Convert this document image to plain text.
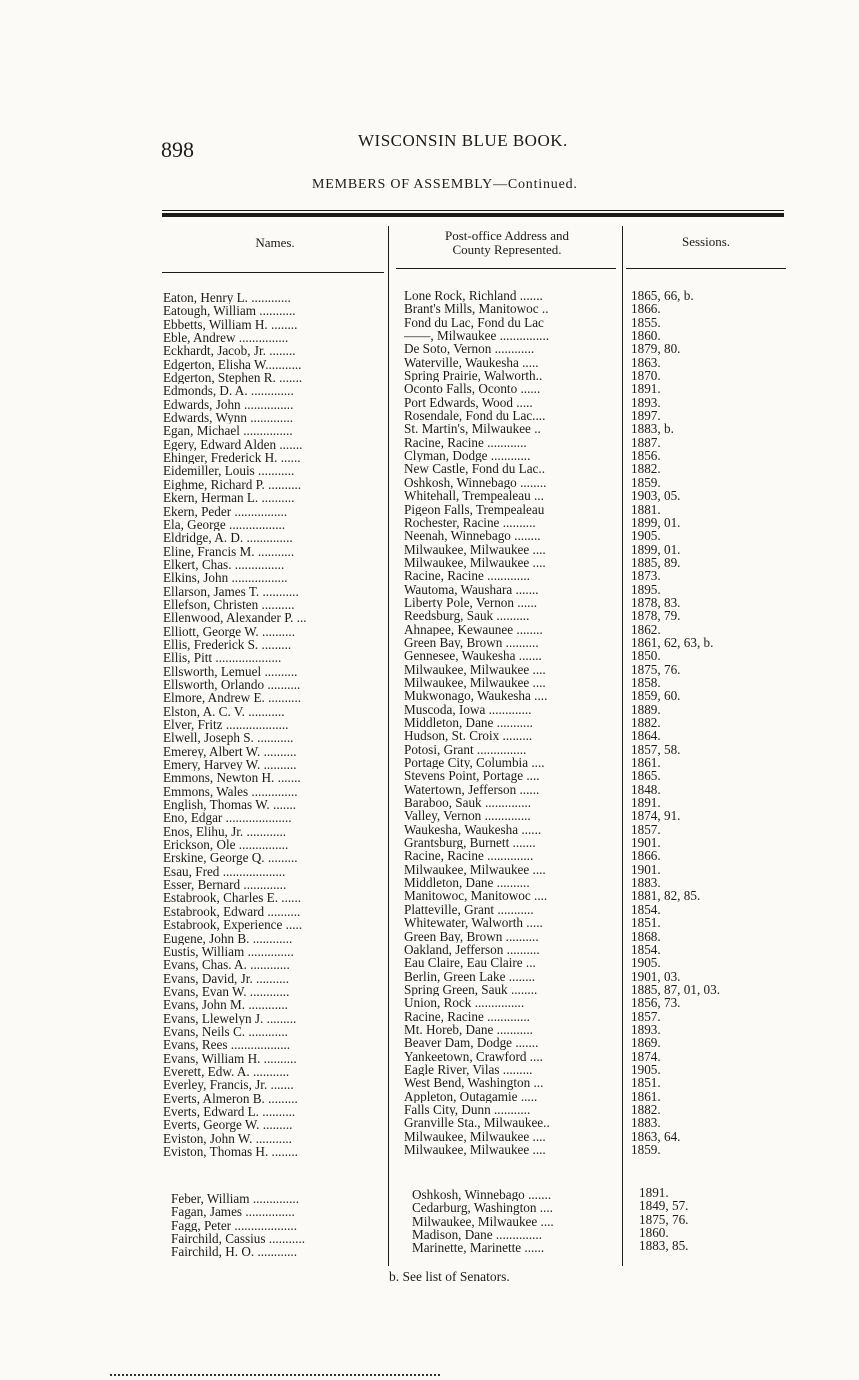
898	WISCONSIN BLUE BOOK.
MEMBERS OF ASSEMBLY—Continued.
Names.	Post-office Address and
County Represented.
Sessions.
Eaton, Henry L. ............
Eatough, William ...........
Ebbetts, William H. ........
Eble, Andrew ...............
Eckhardt, Jacob, Jr. ........
Edgerton, Elisha W...........
Edgerton, Stephen R. .......
Edmonds, D. A. .............
Edwards, John ...............
Edwards, Wynn .............
Egan, Michael ...............
Egery, Edward Alden .......
Ehinger, Frederick H. ......
Eidemiller, Louis ...........
Eighme, Richard P. ..........
Ekern, Herman L. ..........
Ekern, Peder ................
Ela, George .................
Eldridge, A. D. ..............
Eline, Francis M. ...........
Elkert, Chas. ...............
Elkins, John .................
Ellarson, James T. ...........
Ellefson, Christen ..........
Ellenwood, Alexander P. ...
Elliott, George W. ..........
Ellis, Frederick S. .........
Ellis, Pitt ....................
Ellsworth, Lemuel ..........
Ellsworth, Orlando ..........
Elmore, Andrew E. ..........
Elston, A. C. V. ...........
Elver, Fritz ...................
Elwell, Joseph S. ...........
Emerey, Albert W. ..........
Emery, Harvey W. ..........
Emmons, Newton H. .......
Emmons, Wales ..............
English, Thomas W. .......
Eno, Edgar ....................
Enos, Elihu, Jr. ............
Erickson, Ole ...............
Erskine, George Q. .........
Esau, Fred ...................
Esser, Bernard .............
Estabrook, Charles E. ......
Estabrook, Edward ..........
Estabrook, Experience .....
Eugene, John B. ............
Eustis, William ..............
Evans, Chas. A. ............
Evans, David, Jr. ..........
Evans, Evan W. ............
Evans, John M. ............
Evans, Llewelyn J. .........
Evans, Neils C. ............
Evans, Rees ..................
Evans, William H. ..........
Everett, Edw. A. ...........
Everley, Francis, Jr. .......
Everts, Almeron B. .........
Everts, Edward L. ..........
Everts, George W. .........
Eviston, John W. ...........
Eviston, Thomas H. ........
Lone Rock, Richland .......
Brant's Mills, Manitowoc ..
Fond du Lac, Fond du Lac
——, Milwaukee ...............
De Soto, Vernon ............
Waterville, Waukesha .....
Spring Prairie, Walworth..
Oconto Falls, Oconto ......
Port Edwards, Wood .....
Rosendale, Fond du Lac....
St. Martin's, Milwaukee ..
Racine, Racine ............
Clyman, Dodge ............
New Castle, Fond du Lac..
Oshkosh, Winnebago ........
Whitehall, Trempealeau ...
Pigeon Falls, Trempealeau
Rochester, Racine ..........
Neenah, Winnebago ........
Milwaukee, Milwaukee ....
Milwaukee, Milwaukee ....
Racine, Racine .............
Wautoma, Waushara .......
Liberty Pole, Vernon ......
Reedsburg, Sauk ..........
Ahnapee, Kewaunee ........
Green Bay, Brown ..........
Gennesee, Waukesha .......
Milwaukee, Milwaukee ....
Milwaukee, Milwaukee ....
Mukwonago, Waukesha ....
Muscoda, Iowa .............
Middleton, Dane ...........
Hudson, St. Croix .........
Potosi, Grant ...............
Portage City, Columbia ....
Stevens Point, Portage ....
Watertown, Jefferson ......
Baraboo, Sauk ..............
Valley, Vernon ..............
Waukesha, Waukesha ......
Grantsburg, Burnett .......
Racine, Racine ..............
Milwaukee, Milwaukee ....
Middleton, Dane ..........
Manitowoc, Manitowoc ....
Platteville, Grant ...........
Whitewater, Walworth .....
Green Bay, Brown ..........
Oakland, Jefferson ..........
Eau Claire, Eau Claire ...
Berlin, Green Lake ........
Spring Green, Sauk ........
Union, Rock ...............
Racine, Racine .............
Mt. Horeb, Dane ...........
Beaver Dam, Dodge .......
Yankeetown, Crawford ....
Eagle River, Vilas .........
West Bend, Washington ...
Appleton, Outagamie .....
Falls City, Dunn ...........
Granville Sta., Milwaukee..
Milwaukee, Milwaukee ....
Milwaukee, Milwaukee ....
1865, 66, b.
1866.
1855.
1860.
1879, 80.
1863.
1870.
1891.
1893.
1897.
1883, b.
1887.
1856.
1882.
1859.
1903, 05.
1881.
1899, 01.
1905.
1899, 01.
1885, 89.
1873.
1895.
1878, 83.
1878, 79.
1862.
1861, 62, 63, b.
1850.
1875, 76.
1858.
1859, 60.
1889.
1882.
1864.
1857, 58.
1861.
1865.
1848.
1891.
1874, 91.
1857.
1901.
1866.
1901.
1883.
1881, 82, 85.
1854.
1851.
1868.
1854.
1905.
1901, 03.
1885, 87, 01, 03.
1856, 73.
1857.
1893.
1869.
1874.
1905.
1851.
1861.
1882.
1883.
1863, 64.
1859.
Feber, William ..............
Fagan, James ...............
Fagg, Peter ...................
Fairchild, Cassius ...........
Fairchild, H. O. ............
Oshkosh, Winnebago .......
Cedarburg, Washington ....
Milwaukee, Milwaukee ....
Madison, Dane ..............
Marinette, Marinette ......
1891.
1849, 57.
1875, 76.
1860.
1883, 85.
b. See list of Senators.
